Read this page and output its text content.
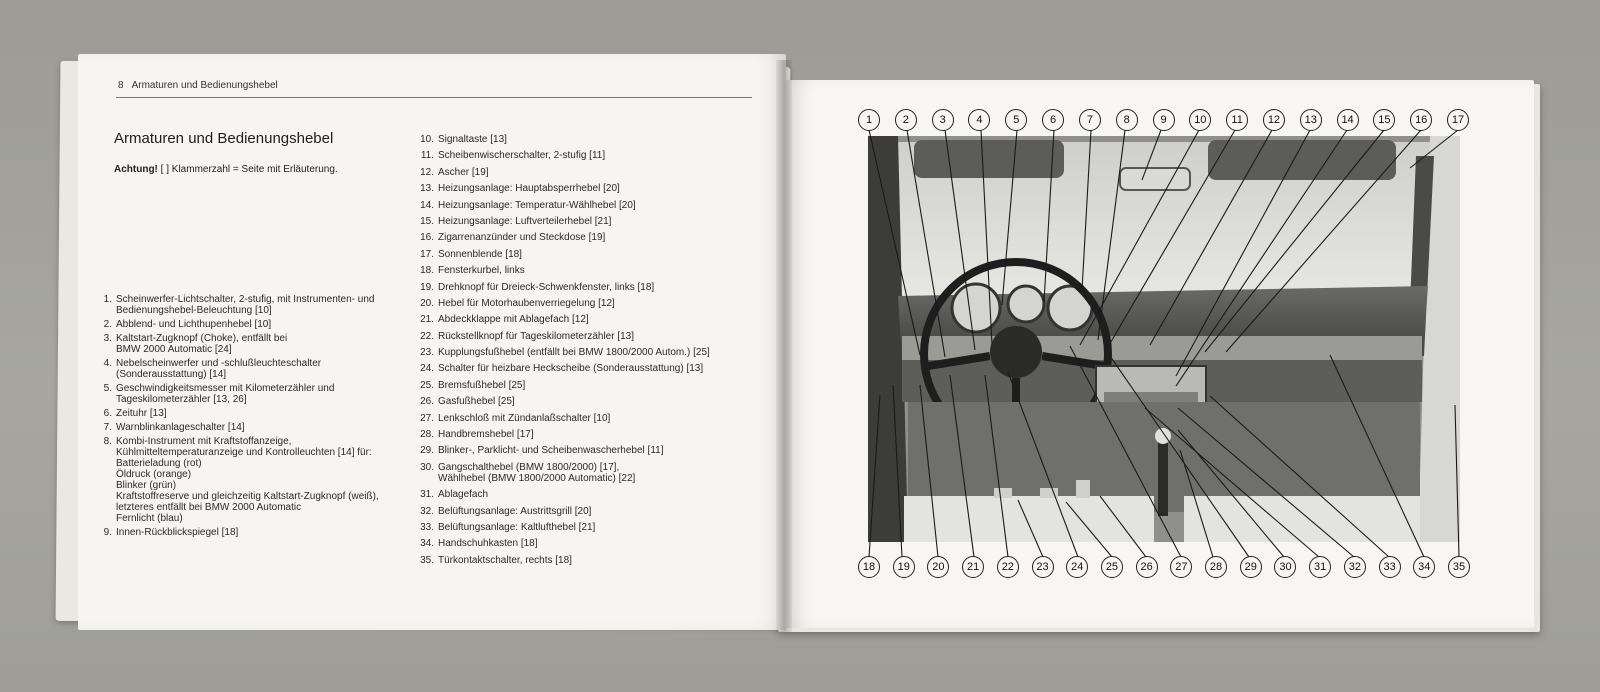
8 Armaturen und Bedienungshebel
Armaturen und Bedienungshebel
Achtung! [ ] Klammerzahl = Seite mit Erläuterung.
1. Scheinwerfer-Lichtschalter, 2-stufig, mit Instrumenten- und
Bedienungshebel-Beleuchtung [10]
2. Abblend- und Lichthupenhebel [10]
3. Kaltstart-Zugknopf (Choke), entfällt bei
BMW 2000 Automatic [24]
4. Nebelscheinwerfer und -schlußleuchteschalter
(Sonderausstattung) [14]
5. Geschwindigkeitsmesser mit Kilometerzähler und
Tageskilometerzähler [13, 26]
6. Zeituhr [13]
7. Warnblinkanlageschalter [14]
8. Kombi-Instrument mit Kraftstoffanzeige,
Kühlmitteltemperaturanzeige und Kontrolleuchten [14] für:
Batterieladung (rot)
Öldruck (orange)
Blinker (grün)
Kraftstoffreserve und gleichzeitig Kaltstart-Zugknopf (weiß),
letzteres entfällt bei BMW 2000 Automatic
Fernlicht (blau)
9. Innen-Rückblickspiegel [18]
10. Signaltaste [13]
11. Scheibenwischerschalter, 2-stufig [11]
12. Ascher [19]
13. Heizungsanlage: Hauptabsperrhebel [20]
14. Heizungsanlage: Temperatur-Wählhebel [20]
15. Heizungsanlage: Luftverteilerhebel [21]
16. Zigarrenanzünder und Steckdose [19]
17. Sonnenblende [18]
18. Fensterkurbel, links
19. Drehknopf für Dreieck-Schwenkfenster, links [18]
20. Hebel für Motorhaubenverriegelung [12]
21. Abdeckklappe mit Ablagefach [12]
22. Rückstellknopf für Tageskilometerzähler [13]
23. Kupplungsfußhebel (entfällt bei BMW 1800/2000 Autom.) [25]
24. Schalter für heizbare Heckscheibe (Sonderausstattung) [13]
25. Bremsfußhebel [25]
26. Gasfußhebel [25]
27. Lenkschloß mit Zündanlaßschalter [10]
28. Handbremshebel [17]
29. Blinker-, Parklicht- und Scheibenwascherhebel [11]
30. Gangschalthebel (BMW 1800/2000) [17],
Wählhebel (BMW 1800/2000 Automatic) [22]
31. Ablagefach
32. Belüftungsanlage: Austrittsgrill [20]
33. Belüftungsanlage: Kaltlufthebel [21]
34. Handschuhkasten [18]
35. Türkontaktschalter, rechts [18]
1	2	3	4	5	6	7	8	9	10	11	12	13	14	15	16	17
18	19	20	21	22	23	24	25	26	27	28	29	30	31	32	33	34	35
